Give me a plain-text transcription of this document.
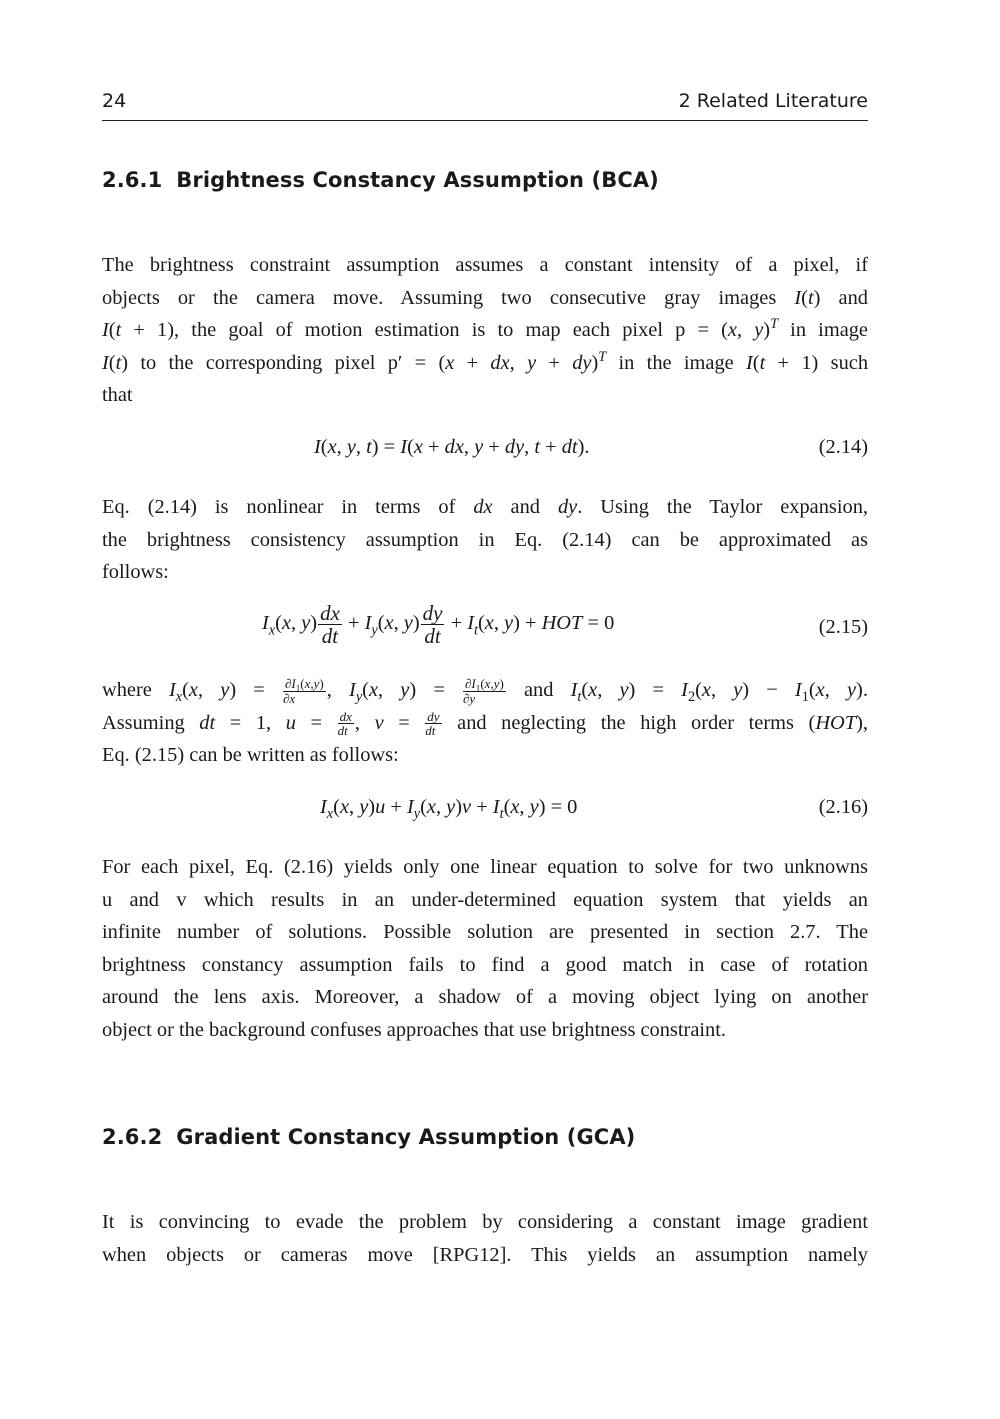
24	2 Related Literature
2.6.1 Brightness Constancy Assumption (BCA)
The brightness constraint assumption assumes a constant intensity of a pixel, if
objects or the camera move. Assuming two consecutive gray images I(t) and
I(t + 1), the goal of motion estimation is to map each pixel p = (x, y)$^T$ in image
I(t) to the corresponding pixel p′ = (x + dx, y + dy)$^T$ in the image I(t + 1) such
that
I(x, y, t) = I(x + dx, y + dy, t + dt).	(2.14)
Eq. (2.14) is nonlinear in terms of dx and dy. Using the Taylor expansion,
the brightness consistency assumption in Eq. (2.14) can be approximated as
follows:
$I_x(x$, $y) \frac{dx}{dt} + I_y(x$, $y) \frac{dy}{dt} + I_t(x$, y) + HOT = 0	(2.15)
where $I_x(x$, $y) = \frac{\partial I_1(x,y)}{\partial x}$ , $I_y(x$, $y) = \frac{\partial I_1(x,y)}{\partial y}$ and $I_t(x$, $y) = I_2(x$, $y) - I_1(x$, y).
Assuming dt = 1, $u = \frac{dx}{dt}$ , $v = \frac{dy}{dt}$ and neglecting the high order terms (HOT),
Eq. (2.15) can be written as follows:
$I_x(x$, $y)u + I_y(x$, $y)v + I_t(x$, y) = 0	(2.16)
For each pixel, Eq. (2.16) yields only one linear equation to solve for two unknowns
u and v which results in an under-determined equation system that yields an
infinite number of solutions. Possible solution are presented in section 2.7. The
brightness constancy assumption fails to find a good match in case of rotation
around the lens axis. Moreover, a shadow of a moving object lying on another
object or the background confuses approaches that use brightness constraint.
2.6.2 Gradient Constancy Assumption (GCA)
It is convincing to evade the problem by considering a constant image gradient
when objects or cameras move [RPG12]. This yields an assumption namely
